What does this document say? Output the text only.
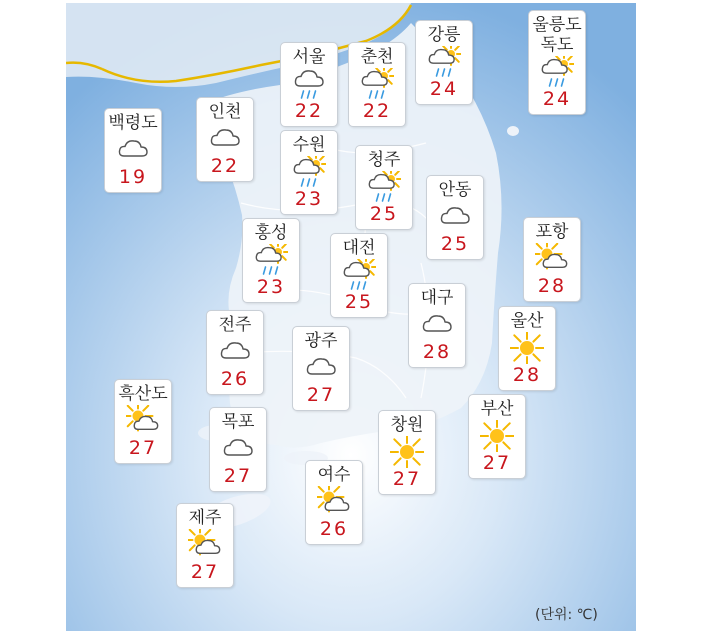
백령도
19
인천
22
서울
22
수원
23
춘천
22
강릉
24
울릉도
독도
24
청주
25
안동
25
홍성
23
대전
25
포항
28
전주
26
광주
27
대구
28
울산
28
흑산도
27
목포
27
창원
27
부산
27
여수
26
제주
27
(단위: ℃)
